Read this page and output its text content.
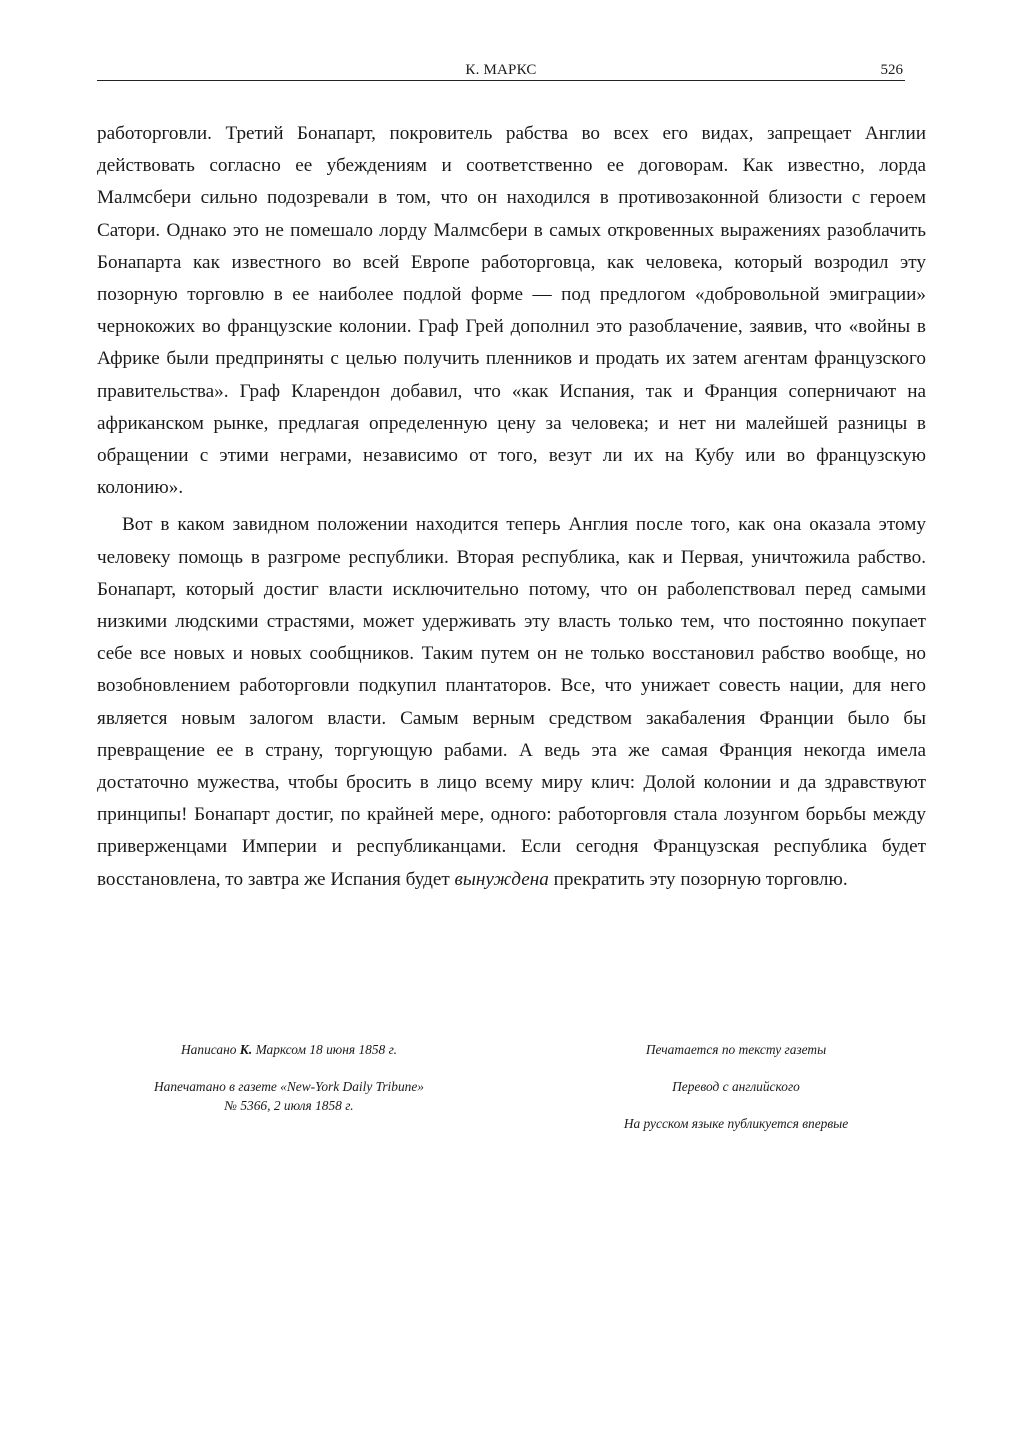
К. МАРКС	526

работорговли. Третий Бонапарт, покровитель рабства во всех его видах, запрещает Англии действовать согласно ее убеждениям и соответственно ее договорам. Как известно, лорда Малмсбери сильно подозревали в том, что он находился в противозаконной близости с героем Сатори. Однако это не помешало лорду Малмсбери в самых откровенных выражениях разоблачить Бонапарта как известного во всей Европе работорговца, как человека, который возродил эту позорную торговлю в ее наиболее подлой форме — под предлогом «добровольной эмиграции» чернокожих во французские колонии. Граф Грей дополнил это разоблачение, заявив, что «войны в Африке были предприняты с целью получить пленников и продать их затем агентам французского правительства». Граф Кларендон добавил, что «как Испания, так и Франция соперничают на африканском рынке, предлагая определенную цену за человека; и нет ни малейшей разницы в обращении с этими неграми, независимо от того, везут ли их на Кубу или во французскую колонию».

Вот в каком завидном положении находится теперь Англия после того, как она оказала этому человеку помощь в разгроме республики. Вторая республика, как и Первая, уничтожила рабство. Бонапарт, который достиг власти исключительно потому, что он раболепствовал перед самыми низкими людскими страстями, может удерживать эту власть только тем, что постоянно покупает себе все новых и новых сообщников. Таким путем он не только восстановил рабство вообще, но возобновлением работорговли подкупил плантаторов. Все, что унижает совесть нации, для него является новым залогом власти. Самым верным средством закабаления Франции было бы превращение ее в страну, торгующую рабами. А ведь эта же самая Франция некогда имела достаточно мужества, чтобы бросить в лицо всему миру клич: Долой колонии и да здравствуют принципы! Бонапарт достиг, по крайней мере, одного: работорговля стала лозунгом борьбы между приверженцами Империи и республиканцами. Если сегодня Французская республика будет восстановлена, то завтра же Испания будет вынуждена прекратить эту позорную торговлю.

Написано К. Марксом 18 июня 1858 г.
Напечатано в газете «New-York Daily Tribune»
№ 5366, 2 июля 1858 г.
Печатается по тексту газеты
Перевод с английского
На русском языке публикуется впервые
